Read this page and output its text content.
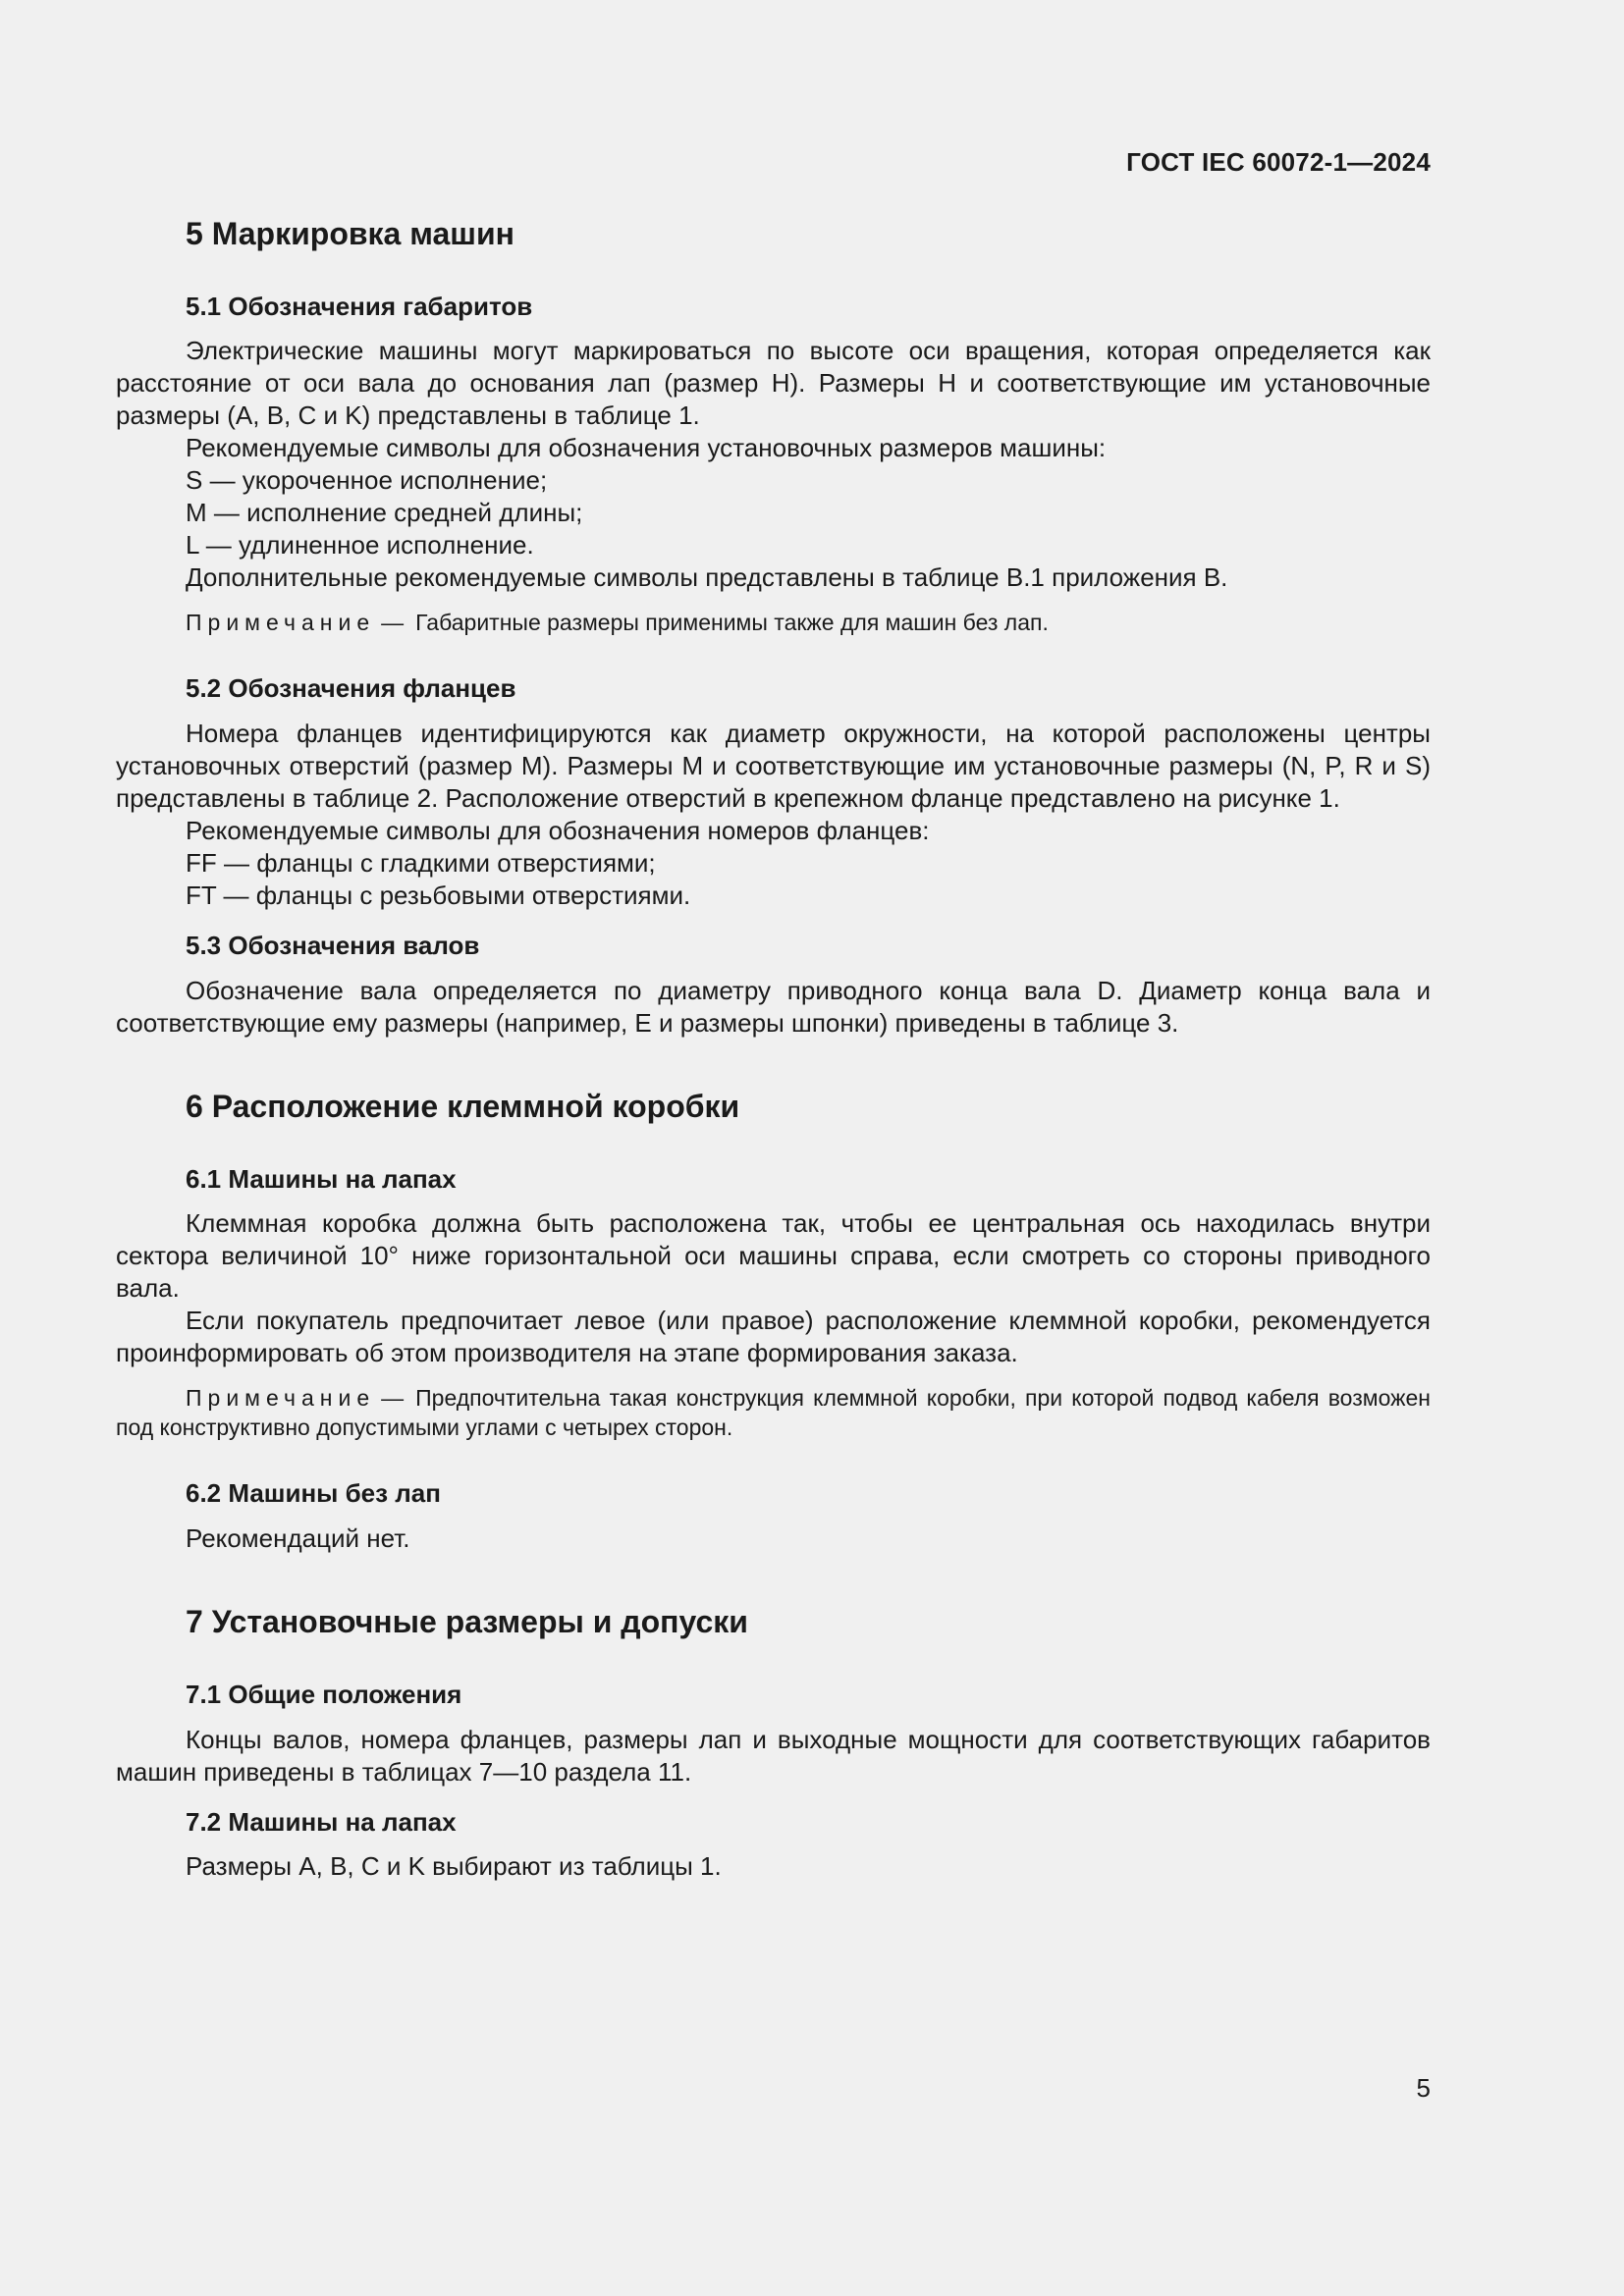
ГОСТ IEC 60072-1—2024
5 Маркировка машин
5.1 Обозначения габаритов

Электрические машины могут маркироваться по высоте оси вращения, которая определяется как расстояние от оси вала до основания лап (размер H). Размеры H и соответствующие им установочные размеры (A, B, C и K) представлены в таблице 1.

Рекомендуемые символы для обозначения установочных размеров машины:

S — укороченное исполнение;

M — исполнение средней длины;

L — удлиненное исполнение.

Дополнительные рекомендуемые символы представлены в таблице B.1 приложения B.

Примечание — Габаритные размеры применимы также для машин без лап.

5.2 Обозначения фланцев

Номера фланцев идентифицируются как диаметр окружности, на которой расположены центры установочных отверстий (размер M). Размеры M и соответствующие им установочные размеры (N, P, R и S) представлены в таблице 2. Расположение отверстий в крепежном фланце представлено на рисунке 1.

Рекомендуемые символы для обозначения номеров фланцев:

FF — фланцы с гладкими отверстиями;

FT — фланцы с резьбовыми отверстиями.

5.3 Обозначения валов

Обозначение вала определяется по диаметру приводного конца вала D. Диаметр конца вала и соответствующие ему размеры (например, E и размеры шпонки) приведены в таблице 3.

6 Расположение клеммной коробки
6.1 Машины на лапах

Клеммная коробка должна быть расположена так, чтобы ее центральная ось находилась внутри сектора величиной 10° ниже горизонтальной оси машины справа, если смотреть со стороны приводного вала.

Если покупатель предпочитает левое (или правое) расположение клеммной коробки, рекомендуется проинформировать об этом производителя на этапе формирования заказа.

Примечание — Предпочтительна такая конструкция клеммной коробки, при которой подвод кабеля возможен под конструктивно допустимыми углами с четырех сторон.

6.2 Машины без лап

Рекомендаций нет.

7 Установочные размеры и допуски
7.1 Общие положения

Концы валов, номера фланцев, размеры лап и выходные мощности для соответствующих габаритов машин приведены в таблицах 7—10 раздела 11.

7.2 Машины на лапах

Размеры A, B, C и K выбирают из таблицы 1.

5
